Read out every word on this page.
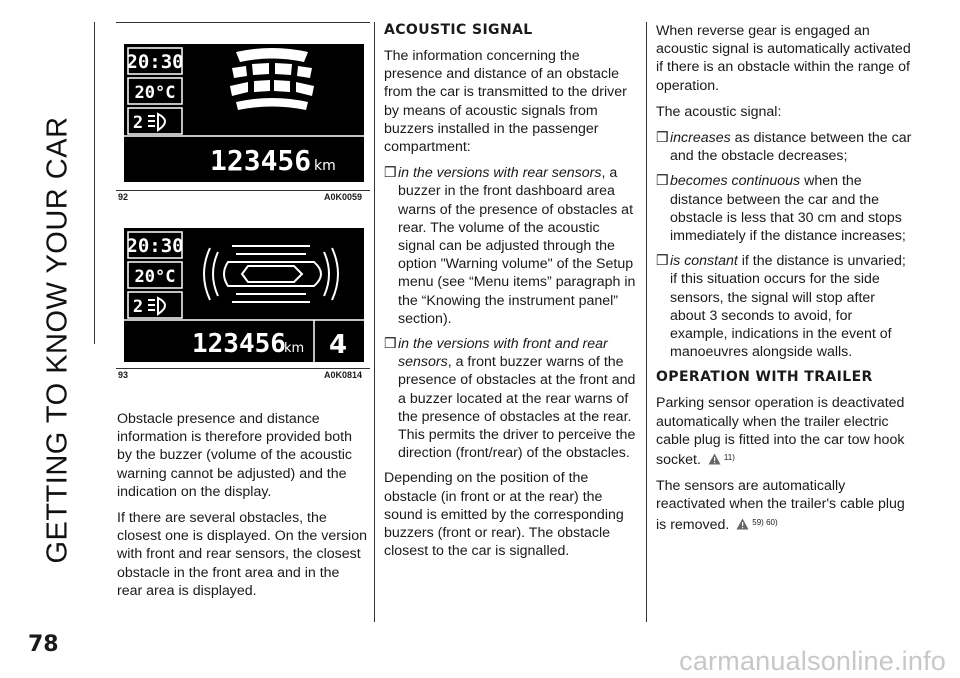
GETTING TO KNOW YOUR CAR
20:30
20°C
2
123456 km
92	A0K0059
20:30
20°C
2
123456
km 4
93	A0K0814

Obstacle presence and distance information is therefore provided both by the buzzer (volume of the acoustic warning cannot be adjusted) and the indication on the display.

If there are several obstacles, the closest one is displayed. On the version with front and rear sensors, the closest obstacle in the front area and in the rear area is displayed.

ACOUSTIC SIGNAL

The information concerning the presence and distance of an obstacle from the car is transmitted to the driver by means of acoustic signals from buzzers installed in the passenger compartment:

❒ in the versions with rear sensors, a buzzer in the front dashboard area warns of the presence of obstacles at rear. The volume of the acoustic signal can be adjusted through the option "Warning volume" of the Setup menu (see “Menu items” paragraph in the “Knowing the instrument panel” section).
❒ in the versions with front and rear sensors, a front buzzer warns of the presence of obstacles at the front and a buzzer located at the rear warns of the presence of obstacles at the rear. This permits the driver to perceive the direction (front/rear) of the obstacles.

Depending on the position of the obstacle (in front or at the rear) the sound is emitted by the corresponding buzzers (front or rear). The obstacle closest to the car is signalled.

When reverse gear is engaged an acoustic signal is automatically activated if there is an obstacle within the range of operation.

The acoustic signal:

❒ increases as distance between the car and the obstacle decreases;
❒ becomes continuous when the distance between the car and the obstacle is less that 30 cm and stops immediately if the distance increases;
❒ is constant if the distance is unvaried; if this situation occurs for the side sensors, the signal will stop after about 3 seconds to avoid, for example, indications in the event of manoeuvres alongside walls.
OPERATION WITH TRAILER

Parking sensor operation is deactivated automatically when the trailer electric cable plug is fitted into the car tow hook socket.	$^{11)}$

The sensors are automatically reactivated when the trailer's cable plug is removed.	$^{59) 60)}$

78
carmanualsonline.info
